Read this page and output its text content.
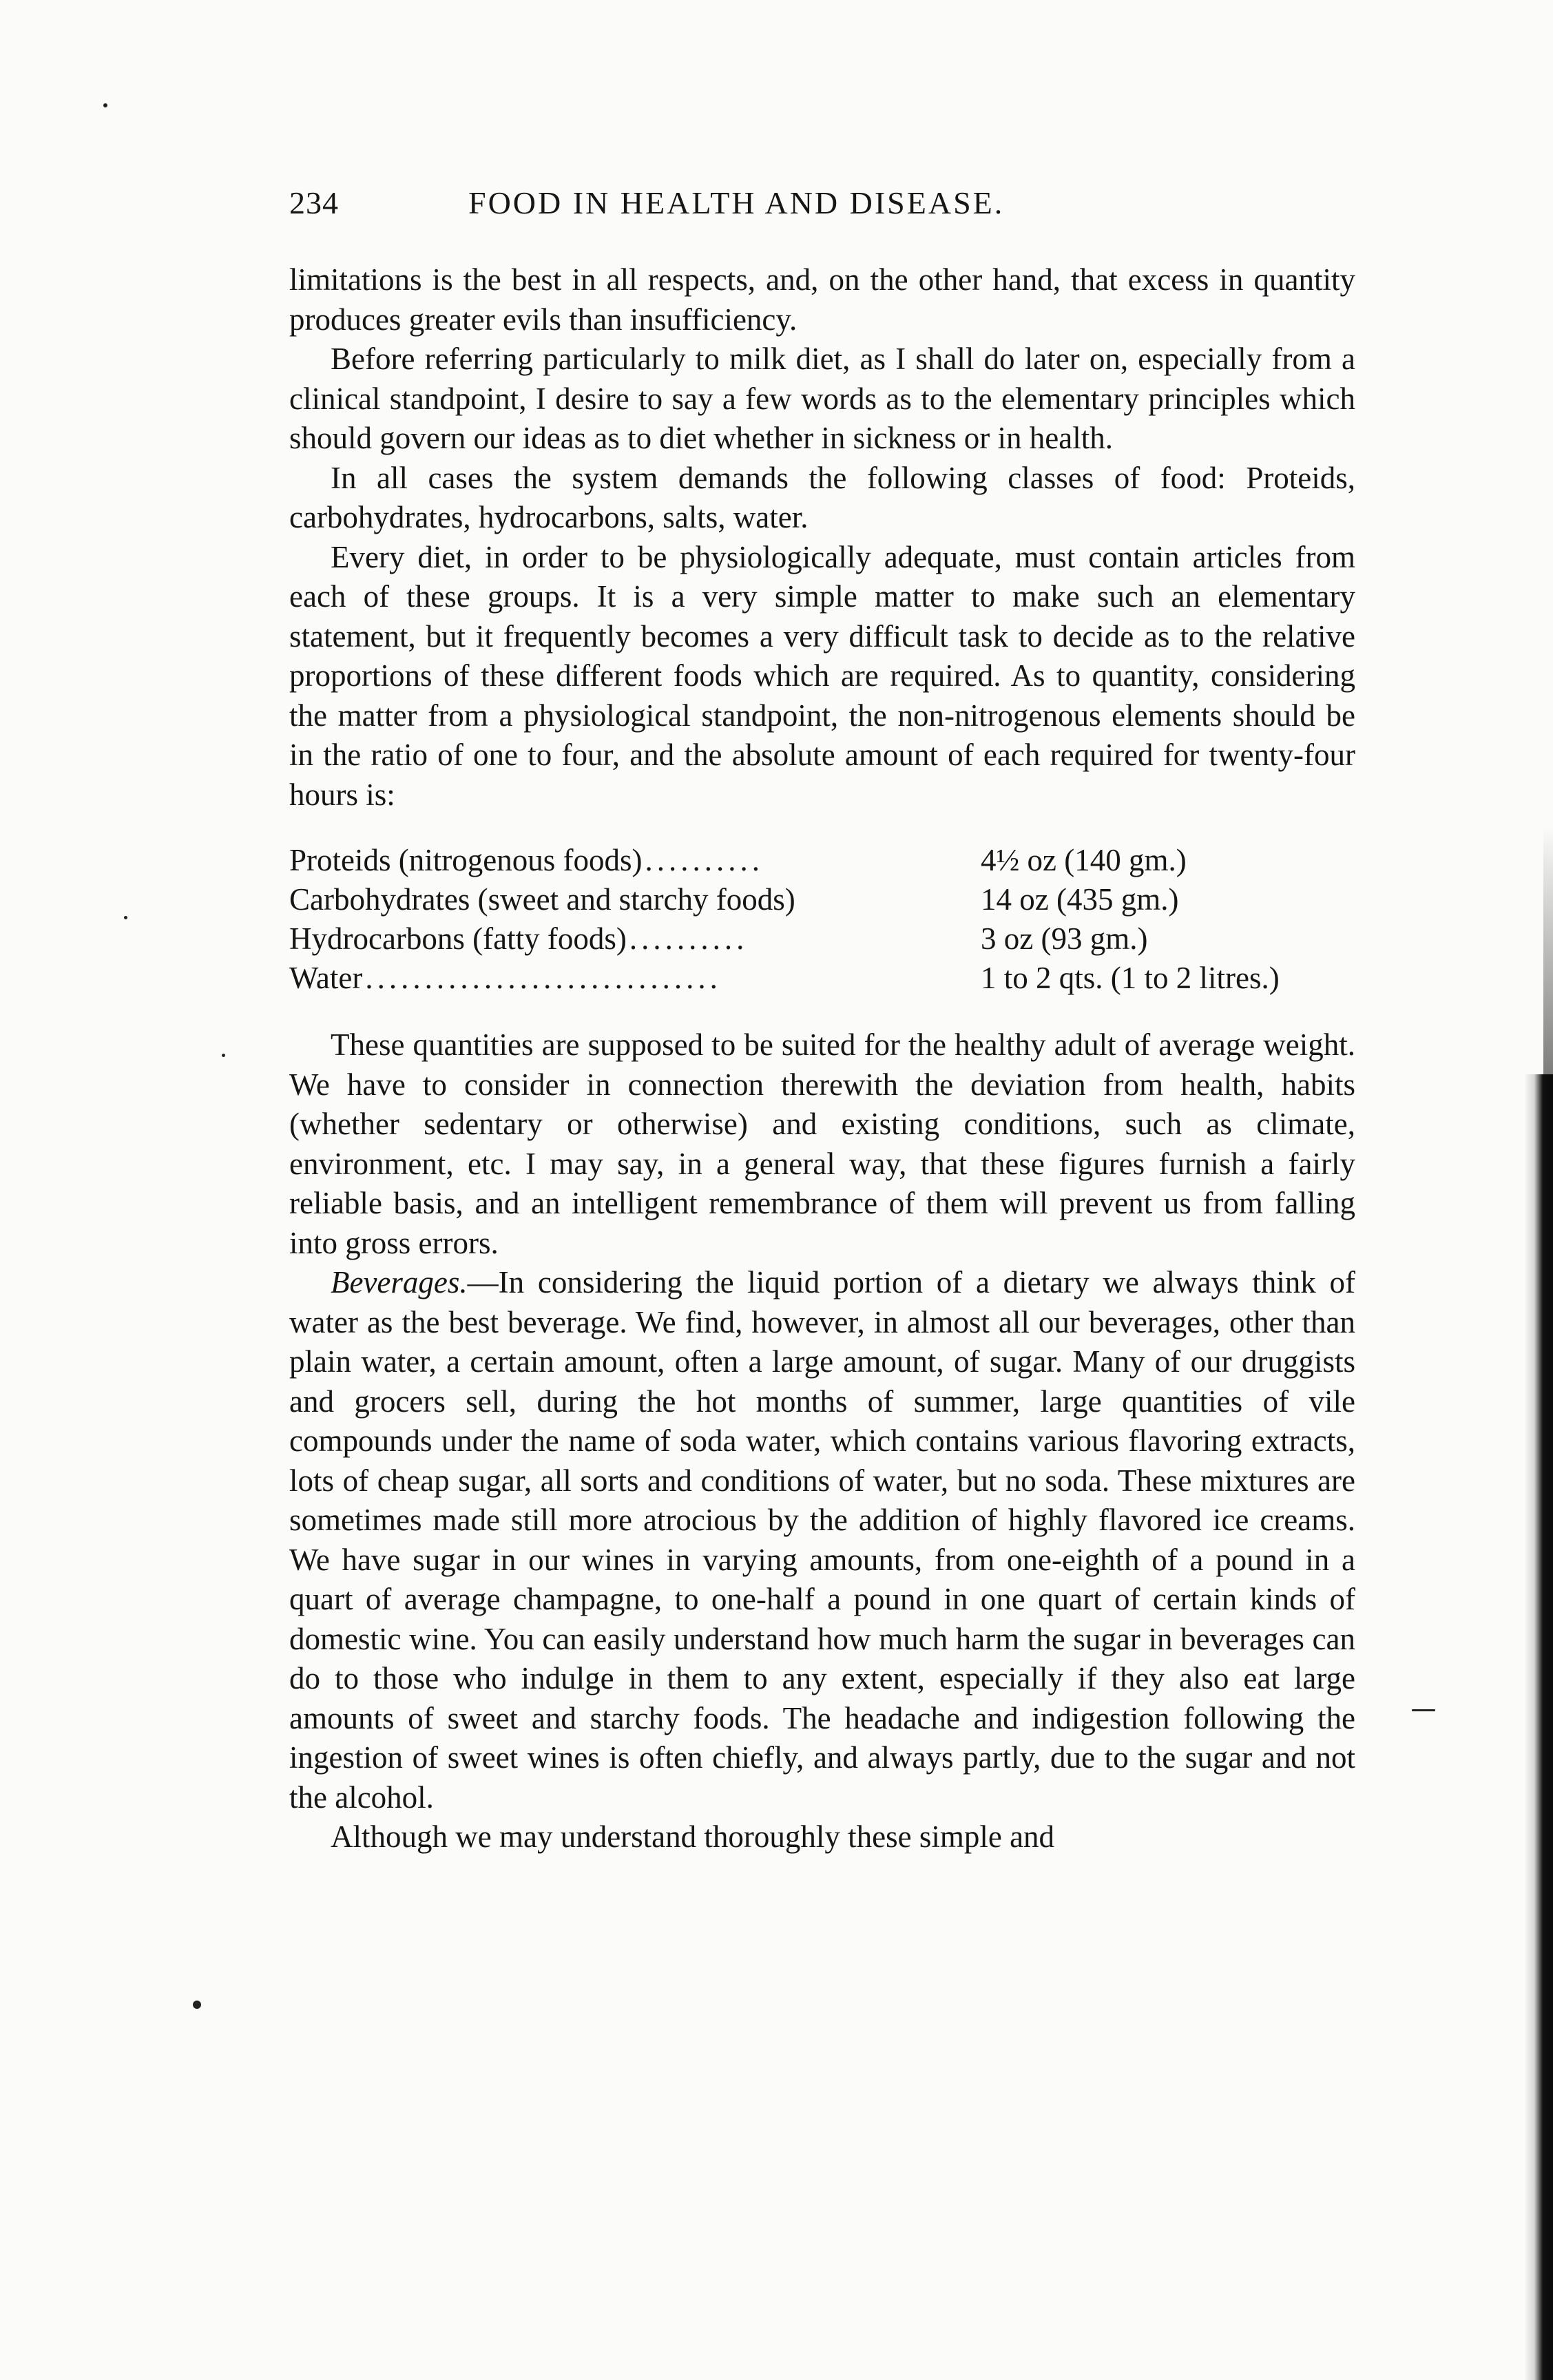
234	FOOD IN HEALTH AND DISEASE.

limitations is the best in all respects, and, on the other hand, that excess in quantity produces greater evils than insufficiency.

Before referring particularly to milk diet, as I shall do later on, especially from a clinical standpoint, I desire to say a few words as to the elementary principles which should govern our ideas as to diet whether in sickness or in health.

In all cases the system demands the following classes of food: Proteids, carbohydrates, hydrocarbons, salts, water.

Every diet, in order to be physiologically adequate, must contain articles from each of these groups. It is a very simple matter to make such an elementary statement, but it frequently becomes a very difficult task to decide as to the relative proportions of these different foods which are required. As to quantity, considering the matter from a physiological standpoint, the non-nitrogenous elements should be in the ratio of one to four, and the absolute amount of each required for twenty-four hours is:

Proteids (nitrogenous foods)..........	4½ oz (140 gm.)
Carbohydrates (sweet and starchy foods)	14 oz (435 gm.)
Hydrocarbons (fatty foods)..........	3 oz (93 gm.)
Water..............................	1 to 2 qts. (1 to 2 litres.)

These quantities are supposed to be suited for the healthy adult of average weight. We have to consider in connection therewith the deviation from health, habits (whether sedentary or otherwise) and existing conditions, such as climate, environment, etc. I may say, in a general way, that these figures furnish a fairly reliable basis, and an intelligent remembrance of them will prevent us from falling into gross errors.

Beverages.—In considering the liquid portion of a dietary we always think of water as the best beverage. We find, however, in almost all our beverages, other than plain water, a certain amount, often a large amount, of sugar. Many of our druggists and grocers sell, during the hot months of summer, large quantities of vile compounds under the name of soda water, which contains various flavoring extracts, lots of cheap sugar, all sorts and conditions of water, but no soda. These mixtures are sometimes made still more atrocious by the addition of highly flavored ice creams. We have sugar in our wines in varying amounts, from one-eighth of a pound in a quart of average champagne, to one-half a pound in one quart of certain kinds of domestic wine. You can easily understand how much harm the sugar in beverages can do to those who indulge in them to any extent, especially if they also eat large amounts of sweet and starchy foods. The headache and indigestion following the ingestion of sweet wines is often chiefly, and always partly, due to the sugar and not the alcohol.

Although we may understand thoroughly these simple and
